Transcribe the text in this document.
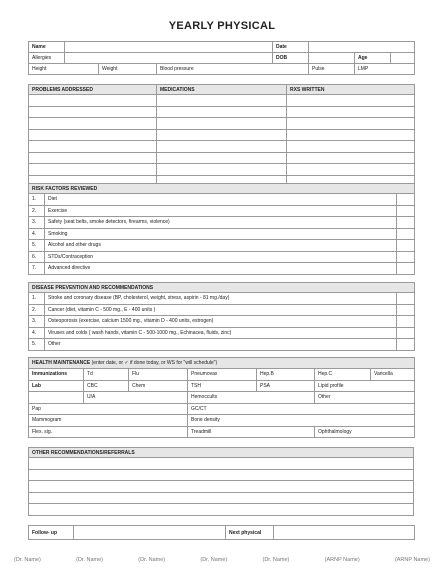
YEARLY PHYSICAL
Name				Date			
Allergies				DOB		Age	
Height		Weight	Blood pressure		Pulse	LMP	
PROBLEMS ADDRESSED	MEDICATIONS	RXS WRITTEN

RISK FACTORS REVIEWED		
1.	Diet	
2.	Exercise	
3.	Safety (seat belts, smoke detectors, firearms, violence)	
4.	Smoking	
5.	Alcohol and other drugs	
6.	STDs/Contraception	
7.	Advanced directive	
DISEASE PREVENTION AND RECOMMENDATIONS		
1.	Stroke and coronary disease (BP, cholesterol, weight, stress, aspirin - 81 mg./day)	
2.	Cancer (diet, vitamin C - 500 mg., E - 400 units )	
3.	Osteoporosis (exercise, calcium 1500 mg., vitamin D - 400 units, estrogen)	
4.	Viruses and colds ( wash hands, vitamin C - 500-1000 mg., Echinacea, fluids, zinc)	
5.	Other	
HEALTH MAINTENANCE (enter date, or ✓ if done today, or WS for "will schedule")						
Immunizations	Td	Flu	Pneumovax	Hep.B	Hep.C	Varicella
Lab	CBC	Chem	TSH	PSA	Lipid profile	
	U/A		Hemoccults		Other	
Pap			GC/CT			
Mammogram			Bone density			
Flex. sig.			Treadmill		Ophthalmology	
OTHER RECOMMENDATIONS/REFERRALS

Follow- up		Next physical	
(Dr. Name)	(Dr. Name)	(Dr. Name)	(Dr. Name)	(Dr. Name)	(ARNP Name)	(ARNP Name)
